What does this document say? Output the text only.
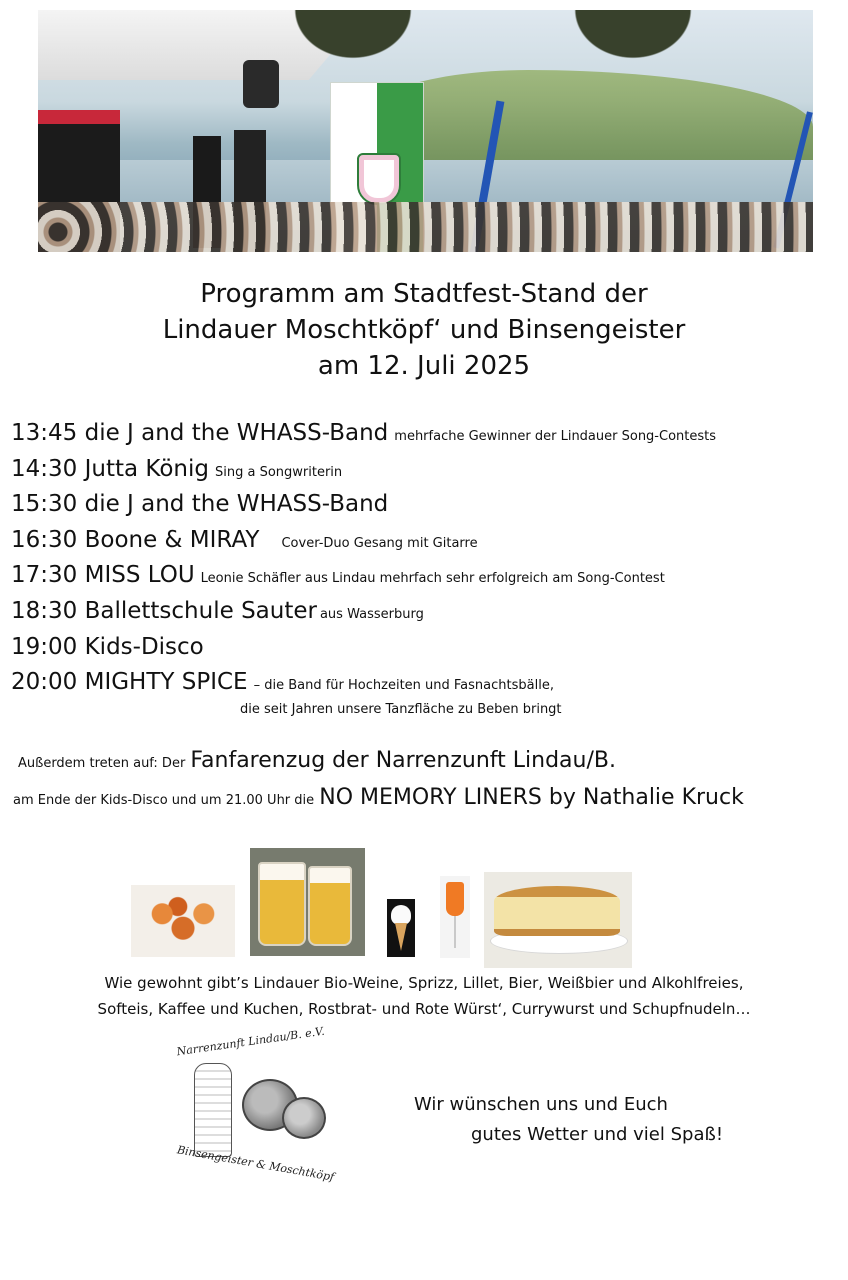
Programm am Stadtfest-Stand der
Lindauer Moschtköpf‘ und Binsengeister
am 12. Juli 2025
13:45 die J and the WHASS-Band mehrfache Gewinner der Lindauer Song-Contests
14:30 Jutta König Sing a Songwriterin
15:30 die J and the WHASS-Band
16:30 Boone & MIRAY Cover-Duo Gesang mit Gitarre
17:30 MISS LOU Leonie Schäfler aus Lindau mehrfach sehr erfolgreich am Song-Contest
18:30 Ballettschule Sauter aus Wasserburg
19:00 Kids-Disco
20:00 MIGHTY SPICE – die Band für Hochzeiten und Fasnachtsbälle,
die seit Jahren unsere Tanzfläche zu Beben bringt
Außerdem treten auf: Der Fanfarenzug der Narrenzunft Lindau/B.
am Ende der Kids-Disco und um 21.00 Uhr die NO MEMORY LINERS by Nathalie Kruck
Wie gewohnt gibt’s Lindauer Bio-Weine, Sprizz, Lillet, Bier, Weißbier und Alkohlfreies,
Softeis, Kaffee und Kuchen, Rostbrat- und Rote Würst‘, Currywurst und Schupfnudeln…
Narrenzunft Lindau/B. e.V.
Binsengeister & Moschtköpf
Wir wünschen uns und Euch
gutes Wetter und viel Spaß!
